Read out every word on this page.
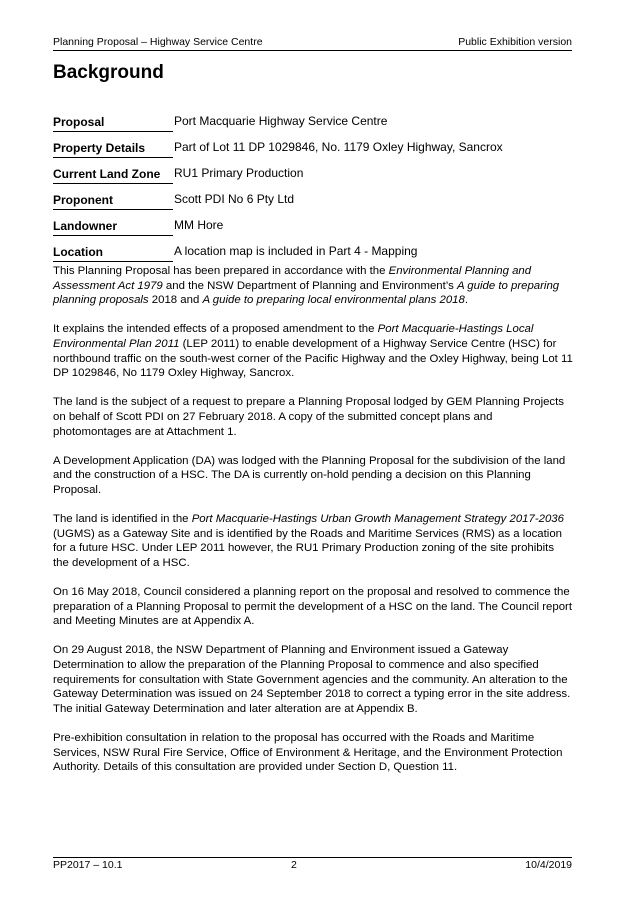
Planning Proposal – Highway Service Centre	Public Exhibition version
Background
Proposal	Port Macquarie Highway Service Centre
Property Details	Part of Lot 11 DP 1029846, No. 1179 Oxley Highway, Sancrox
Current Land Zone	RU1 Primary Production
Proponent	Scott PDI No 6 Pty Ltd
Landowner	MM Hore
Location	A location map is included in Part 4 - Mapping

This Planning Proposal has been prepared in accordance with the Environmental Planning and Assessment Act 1979 and the NSW Department of Planning and Environment’s A guide to preparing planning proposals 2018 and A guide to preparing local environmental plans 2018.

It explains the intended effects of a proposed amendment to the Port Macquarie-Hastings Local Environmental Plan 2011 (LEP 2011) to enable development of a Highway Service Centre (HSC) for northbound traffic on the south-west corner of the Pacific Highway and the Oxley Highway, being Lot 11 DP 1029846, No 1179 Oxley Highway, Sancrox.

The land is the subject of a request to prepare a Planning Proposal lodged by GEM Planning Projects on behalf of Scott PDI on 27 February 2018. A copy of the submitted concept plans and photomontages are at Attachment 1.

A Development Application (DA) was lodged with the Planning Proposal for the subdivision of the land and the construction of a HSC. The DA is currently on-hold pending a decision on this Planning Proposal.

The land is identified in the Port Macquarie-Hastings Urban Growth Management Strategy 2017-2036 (UGMS) as a Gateway Site and is identified by the Roads and Maritime Services (RMS) as a location for a future HSC. Under LEP 2011 however, the RU1 Primary Production zoning of the site prohibits the development of a HSC.

On 16 May 2018, Council considered a planning report on the proposal and resolved to commence the preparation of a Planning Proposal to permit the development of a HSC on the land. The Council report and Meeting Minutes are at Appendix A.

On 29 August 2018, the NSW Department of Planning and Environment issued a Gateway Determination to allow the preparation of the Planning Proposal to commence and also specified requirements for consultation with State Government agencies and the community. An alteration to the Gateway Determination was issued on 24 September 2018 to correct a typing error in the site address. The initial Gateway Determination and later alteration are at Appendix B.

Pre-exhibition consultation in relation to the proposal has occurred with the Roads and Maritime Services, NSW Rural Fire Service, Office of Environment & Heritage, and the Environment Protection Authority. Details of this consultation are provided under Section D, Question 11.

PP2017 – 10.1	2	10/4/2019
